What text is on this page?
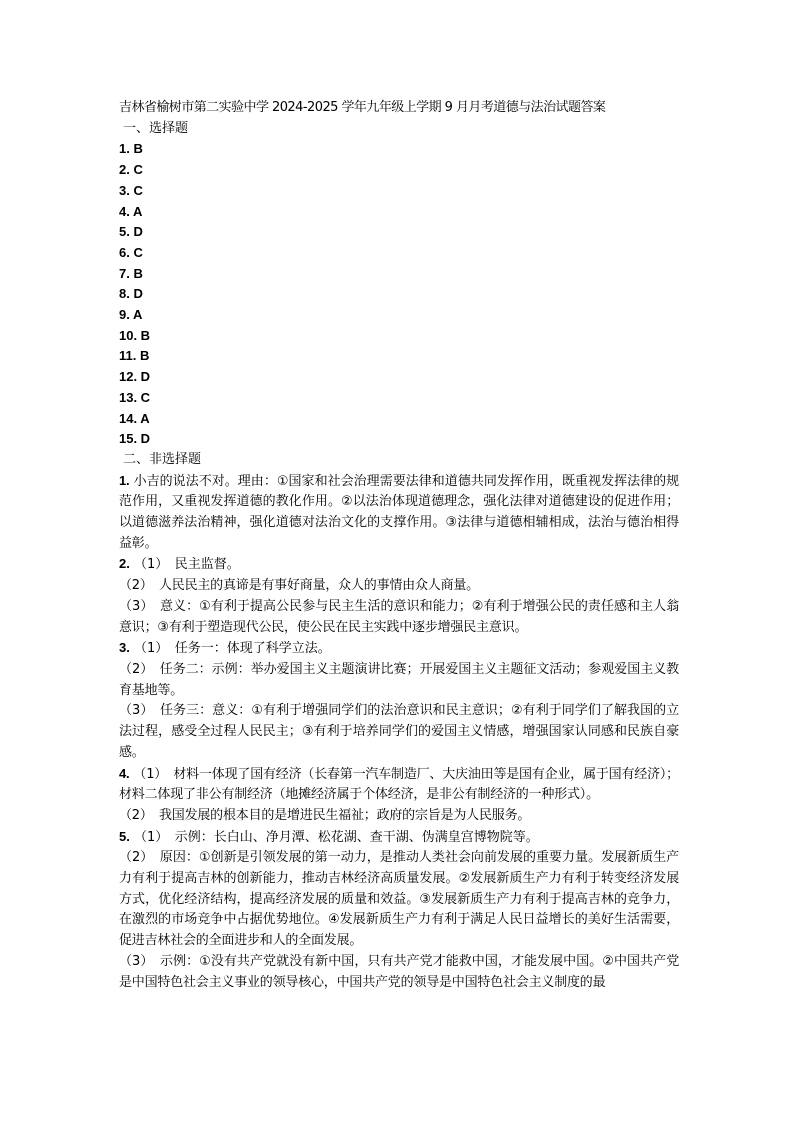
吉林省榆树市第二实验中学 2024-2025 学年九年级上学期 9 月月考道德与法治试题答案
一、选择题
1. B
2. C
3. C
4. A
5. D
6. C
7. B
8. D
9. A
10. B
11. B
12. D
13. C
14. A
15. D
二、非选择题
1. 小吉的说法不对。理由：①国家和社会治理需要法律和道德共同发挥作用，既重视发挥法律的规范作用，又重视发挥道德的教化作用。②以法治体现道德理念，强化法律对道德建设的促进作用；以道德滋养法治精神，强化道德对法治文化的支撑作用。③法律与道德相辅相成，法治与德治相得益彰。
2. （1）　民主监督。
（2）　人民民主的真谛是有事好商量，众人的事情由众人商量。
（3）　意义：①有利于提高公民参与民主生活的意识和能力；②有利于增强公民的责任感和主人翁意识；③有利于塑造现代公民，使公民在民主实践中逐步增强民主意识。
3. （1）　任务一：体现了科学立法。
（2）　任务二：示例：举办爱国主义主题演讲比赛；开展爱国主义主题征文活动；参观爱国主义教育基地等。
（3）　任务三：意义：①有利于增强同学们的法治意识和民主意识；②有利于同学们了解我国的立法过程，感受全过程人民民主；③有利于培养同学们的爱国主义情感，增强国家认同感和民族自豪感。
4. （1）　材料一体现了国有经济（长春第一汽车制造厂、大庆油田等是国有企业，属于国有经济）；材料二体现了非公有制经济（地摊经济属于个体经济，是非公有制经济的一种形式）。
（2）　我国发展的根本目的是增进民生福祉；政府的宗旨是为人民服务。
5. （1）　示例：长白山、净月潭、松花湖、查干湖、伪满皇宫博物院等。
（2）　原因：①创新是引领发展的第一动力，是推动人类社会向前发展的重要力量。发展新质生产力有利于提高吉林的创新能力，推动吉林经济高质量发展。②发展新质生产力有利于转变经济发展方式，优化经济结构，提高经济发展的质量和效益。③发展新质生产力有利于提高吉林的竞争力，在激烈的市场竞争中占据优势地位。④发展新质生产力有利于满足人民日益增长的美好生活需要，促进吉林社会的全面进步和人的全面发展。
（3）　示例：①没有共产党就没有新中国，只有共产党才能救中国，才能发展中国。②中国共产党是中国特色社会主义事业的领导核心，中国共产党的领导是中国特色社会主义制度的最
